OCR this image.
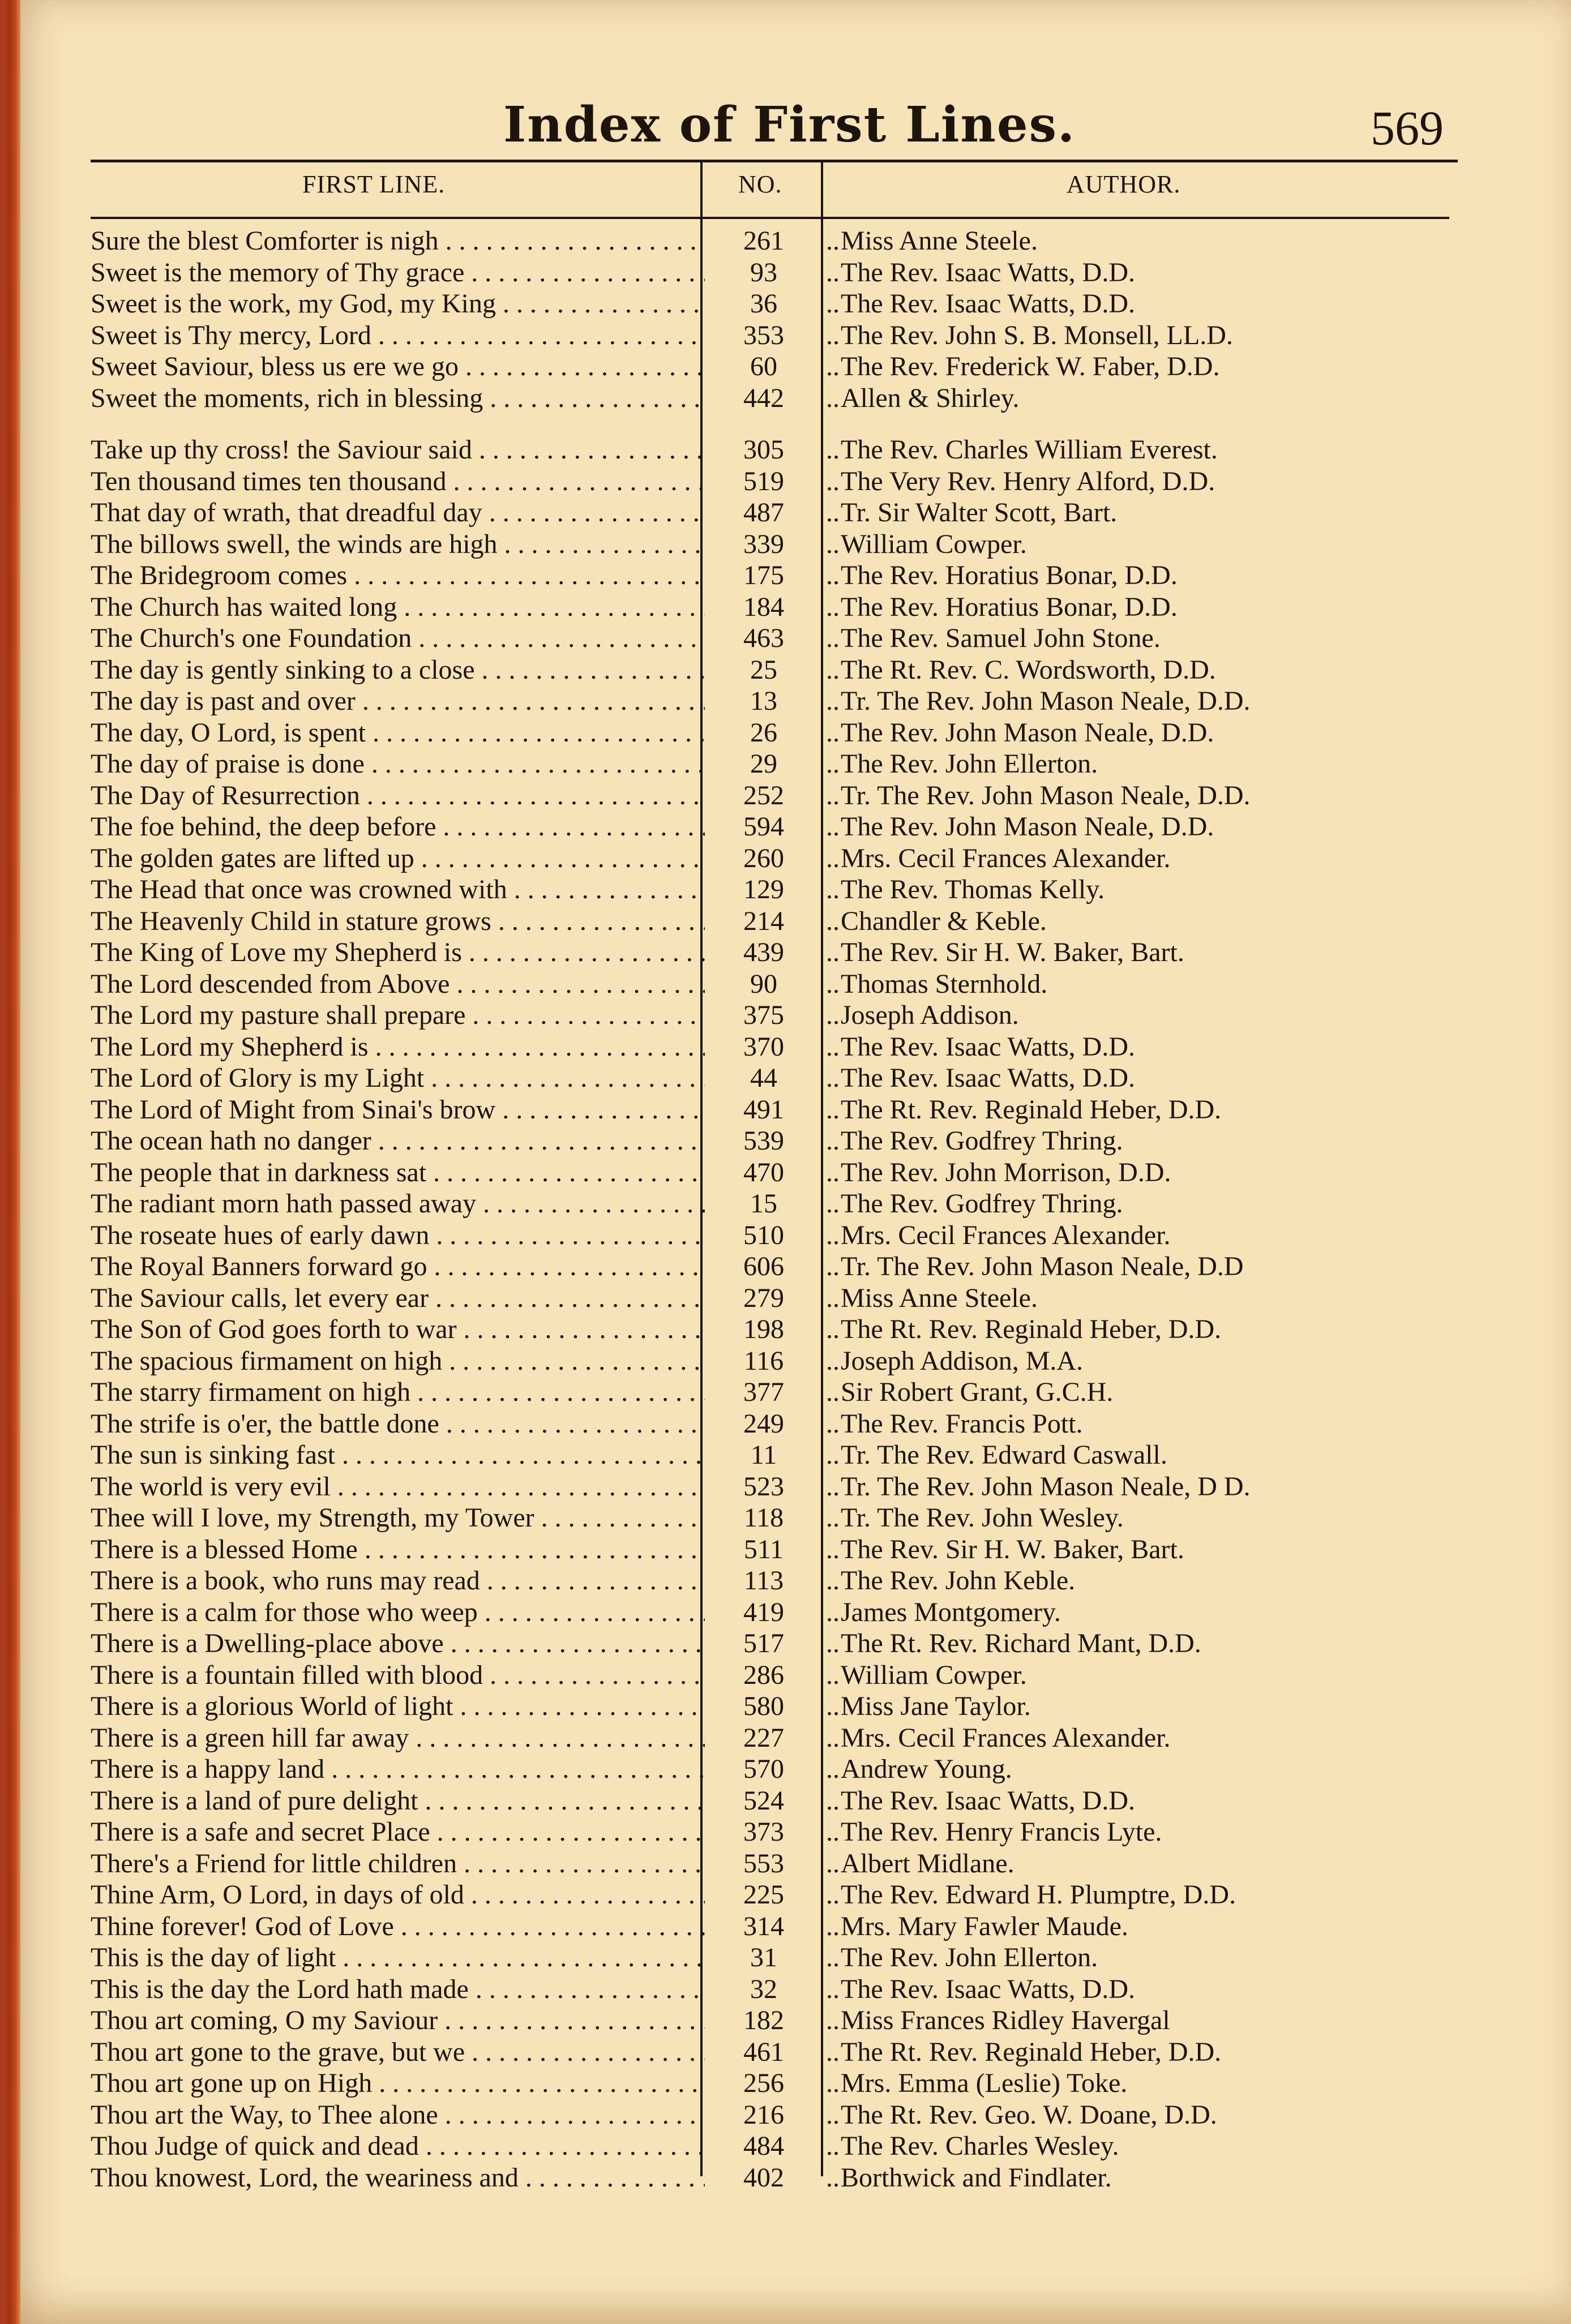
Index of First Lines.	569
FIRST LINE.	NO.	AUTHOR.
Sure the blest Comforter is nigh . . .	261	.. Miss Anne Steele.
Sweet is the memory of Thy grace . . .	93	.. The Rev. Isaac Watts, D.D.
Sweet is the work, my God, my King . . .	36	.. The Rev. Isaac Watts, D.D.
Sweet is Thy mercy, Lord . . .	353	.. The Rev. John S. B. Monsell, LL.D.
Sweet Saviour, bless us ere we go . . .	60	.. The Rev. Frederick W. Faber, D.D.
Sweet the moments, rich in blessing . . .	442	.. Allen & Shirley.
Take up thy cross! the Saviour said . . .	305	.. The Rev. Charles William Everest.
Ten thousand times ten thousand . . .	519	.. The Very Rev. Henry Alford, D.D.
That day of wrath, that dreadful day . . .	487	.. Tr. Sir Walter Scott, Bart.
The billows swell, the winds are high . . .	339	.. William Cowper.
The Bridegroom comes . . .	175	.. The Rev. Horatius Bonar, D.D.
The Church has waited long . . .	184	.. The Rev. Horatius Bonar, D.D.
The Church's one Foundation . . .	463	.. The Rev. Samuel John Stone.
The day is gently sinking to a close . . .	25	.. The Rt. Rev. C. Wordsworth, D.D.
The day is past and over . . .	13	.. Tr. The Rev. John Mason Neale, D.D.
The day, O Lord, is spent . . .	26	.. The Rev. John Mason Neale, D.D.
The day of praise is done . . .	29	.. The Rev. John Ellerton.
The Day of Resurrection . . .	252	.. Tr. The Rev. John Mason Neale, D.D.
The foe behind, the deep before . . .	594	.. The Rev. John Mason Neale, D.D.
The golden gates are lifted up . . .	260	.. Mrs. Cecil Frances Alexander.
The Head that once was crowned with . . .	129	.. The Rev. Thomas Kelly.
The Heavenly Child in stature grows . . .	214	.. Chandler & Keble.
The King of Love my Shepherd is . . .	439	.. The Rev. Sir H. W. Baker, Bart.
The Lord descended from Above . . .	90	.. Thomas Sternhold.
The Lord my pasture shall prepare . . .	375	.. Joseph Addison.
The Lord my Shepherd is . . .	370	.. The Rev. Isaac Watts, D.D.
The Lord of Glory is my Light . . .	44	.. The Rev. Isaac Watts, D.D.
The Lord of Might from Sinai's brow . . .	491	.. The Rt. Rev. Reginald Heber, D.D.
The ocean hath no danger . . .	539	.. The Rev. Godfrey Thring.
The people that in darkness sat . . .	470	.. The Rev. John Morrison, D.D.
The radiant morn hath passed away . . .	15	.. The Rev. Godfrey Thring.
The roseate hues of early dawn . . .	510	.. Mrs. Cecil Frances Alexander.
The Royal Banners forward go . . .	606	.. Tr. The Rev. John Mason Neale, D.D
The Saviour calls, let every ear . . .	279	.. Miss Anne Steele.
The Son of God goes forth to war . . .	198	.. The Rt. Rev. Reginald Heber, D.D.
The spacious firmament on high . . .	116	.. Joseph Addison, M.A.
The starry firmament on high . . .	377	.. Sir Robert Grant, G.C.H.
The strife is o'er, the battle done . . .	249	.. The Rev. Francis Pott.
The sun is sinking fast . . .	11	.. Tr. The Rev. Edward Caswall.
The world is very evil . . .	523	.. Tr. The Rev. John Mason Neale, D D.
Thee will I love, my Strength, my Tower . . .	118	.. Tr. The Rev. John Wesley.
There is a blessed Home . . .	511	.. The Rev. Sir H. W. Baker, Bart.
There is a book, who runs may read . . .	113	.. The Rev. John Keble.
There is a calm for those who weep . . .	419	.. James Montgomery.
There is a Dwelling-place above . . .	517	.. The Rt. Rev. Richard Mant, D.D.
There is a fountain filled with blood . . .	286	.. William Cowper.
There is a glorious World of light . . .	580	.. Miss Jane Taylor.
There is a green hill far away . . .	227	.. Mrs. Cecil Frances Alexander.
There is a happy land . . .	570	.. Andrew Young.
There is a land of pure delight . . .	524	.. The Rev. Isaac Watts, D.D.
There is a safe and secret Place . . .	373	.. The Rev. Henry Francis Lyte.
There's a Friend for little children . . .	553	.. Albert Midlane.
Thine Arm, O Lord, in days of old . . .	225	.. The Rev. Edward H. Plumptre, D.D.
Thine forever! God of Love . . .	314	.. Mrs. Mary Fawler Maude.
This is the day of light . . .	31	.. The Rev. John Ellerton.
This is the day the Lord hath made . . .	32	.. The Rev. Isaac Watts, D.D.
Thou art coming, O my Saviour . . .	182	.. Miss Frances Ridley Havergal
Thou art gone to the grave, but we . . .	461	.. The Rt. Rev. Reginald Heber, D.D.
Thou art gone up on High . . .	256	.. Mrs. Emma (Leslie) Toke.
Thou art the Way, to Thee alone . . .	216	.. The Rt. Rev. Geo. W. Doane, D.D.
Thou Judge of quick and dead . . .	484	.. The Rev. Charles Wesley.
Thou knowest, Lord, the weariness and . . .	402	.. Borthwick and Findlater.
